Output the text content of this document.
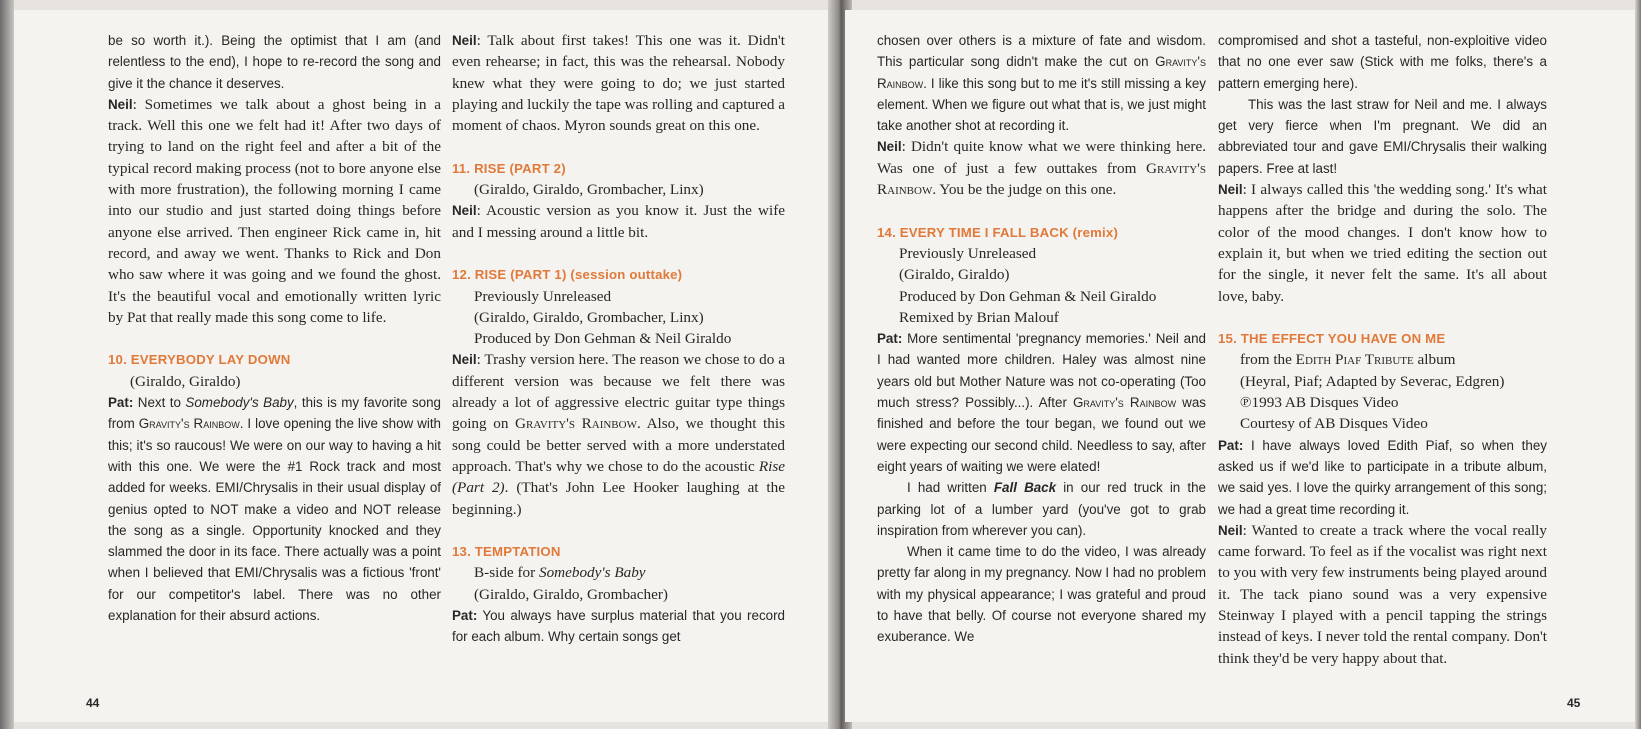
be so worth it.). Being the optimist that I am (and relentless to the end), I hope to re-record the song and give it the chance it deserves.

Neil: Sometimes we talk about a ghost being in a track. Well this one we felt had it! After two days of trying to land on the right feel and after a bit of the typical record making process (not to bore anyone else with more frustration), the following morning I came into our studio and just started doing things before anyone else arrived. Then engineer Rick came in, hit record, and away we went. Thanks to Rick and Don who saw where it was going and we found the ghost. It's the beautiful vocal and emotionally written lyric by Pat that really made this song come to life.

10. EVERYBODY LAY DOWN

(Giraldo, Giraldo)

Pat: Next to Somebody's Baby, this is my favorite song from Gravity's Rainbow. I love opening the live show with this; it's so raucous! We were on our way to having a hit with this one. We were the #1 Rock track and most added for weeks. EMI/Chrysalis in their usual display of genius opted to NOT make a video and NOT release the song as a single. Opportunity knocked and they slammed the door in its face. There actually was a point when I believed that EMI/Chrysalis was a fictious 'front' for our competitor's label. There was no other explanation for their absurd actions.

Neil: Talk about first takes! This one was it. Didn't even rehearse; in fact, this was the rehearsal. Nobody knew what they were going to do; we just started playing and luckily the tape was rolling and captured a moment of chaos. Myron sounds great on this one.

11. RISE (PART 2)

(Giraldo, Giraldo, Grombacher, Linx)

Neil: Acoustic version as you know it. Just the wife and I messing around a little bit.

12. RISE (PART 1) (session outtake)

Previously Unreleased

(Giraldo, Giraldo, Grombacher, Linx)

Produced by Don Gehman & Neil Giraldo

Neil: Trashy version here. The reason we chose to do a different version was because we felt there was already a lot of aggressive electric guitar type things going on Gravity's Rainbow. Also, we thought this song could be better served with a more understated approach. That's why we chose to do the acoustic Rise (Part 2). (That's John Lee Hooker laughing at the beginning.)

13. TEMPTATION

B-side for Somebody's Baby

(Giraldo, Giraldo, Grombacher)

Pat: You always have surplus material that you record for each album. Why certain songs get

44

chosen over others is a mixture of fate and wisdom. This particular song didn't make the cut on Gravity's Rainbow. I like this song but to me it's still missing a key element. When we figure out what that is, we just might take another shot at recording it.

Neil: Didn't quite know what we were thinking here. Was one of just a few outtakes from Gravity's Rainbow. You be the judge on this one.

14. EVERY TIME I FALL BACK (remix)

Previously Unreleased

(Giraldo, Giraldo)

Produced by Don Gehman & Neil Giraldo

Remixed by Brian Malouf

Pat: More sentimental 'pregnancy memories.' Neil and I had wanted more children. Haley was almost nine years old but Mother Nature was not co-operating (Too much stress? Possibly...). After Gravity's Rainbow was finished and before the tour began, we found out we were expecting our second child. Needless to say, after eight years of waiting we were elated!

I had written Fall Back in our red truck in the parking lot of a lumber yard (you've got to grab inspiration from wherever you can).

When it came time to do the video, I was already pretty far along in my pregnancy. Now I had no problem with my physical appearance; I was grateful and proud to have that belly. Of course not everyone shared my exuberance. We

compromised and shot a tasteful, non-exploitive video that no one ever saw (Stick with me folks, there's a pattern emerging here).

This was the last straw for Neil and me. I always get very fierce when I'm pregnant. We did an abbreviated tour and gave EMI/Chrysalis their walking papers. Free at last!

Neil: I always called this 'the wedding song.' It's what happens after the bridge and during the solo. The color of the mood changes. I don't know how to explain it, but when we tried editing the section out for the single, it never felt the same. It's all about love, baby.

15. THE EFFECT YOU HAVE ON ME

from the Edith Piaf Tribute album

(Heyral, Piaf; Adapted by Severac, Edgren)

℗1993 AB Disques Video

Courtesy of AB Disques Video

Pat: I have always loved Edith Piaf, so when they asked us if we'd like to participate in a tribute album, we said yes. I love the quirky arrangement of this song; we had a great time recording it.

Neil: Wanted to create a track where the vocal really came forward. To feel as if the vocalist was right next to you with very few instruments being played around it. The tack piano sound was a very expensive Steinway I played with a pencil tapping the strings instead of keys. I never told the rental company. Don't think they'd be very happy about that.

45
